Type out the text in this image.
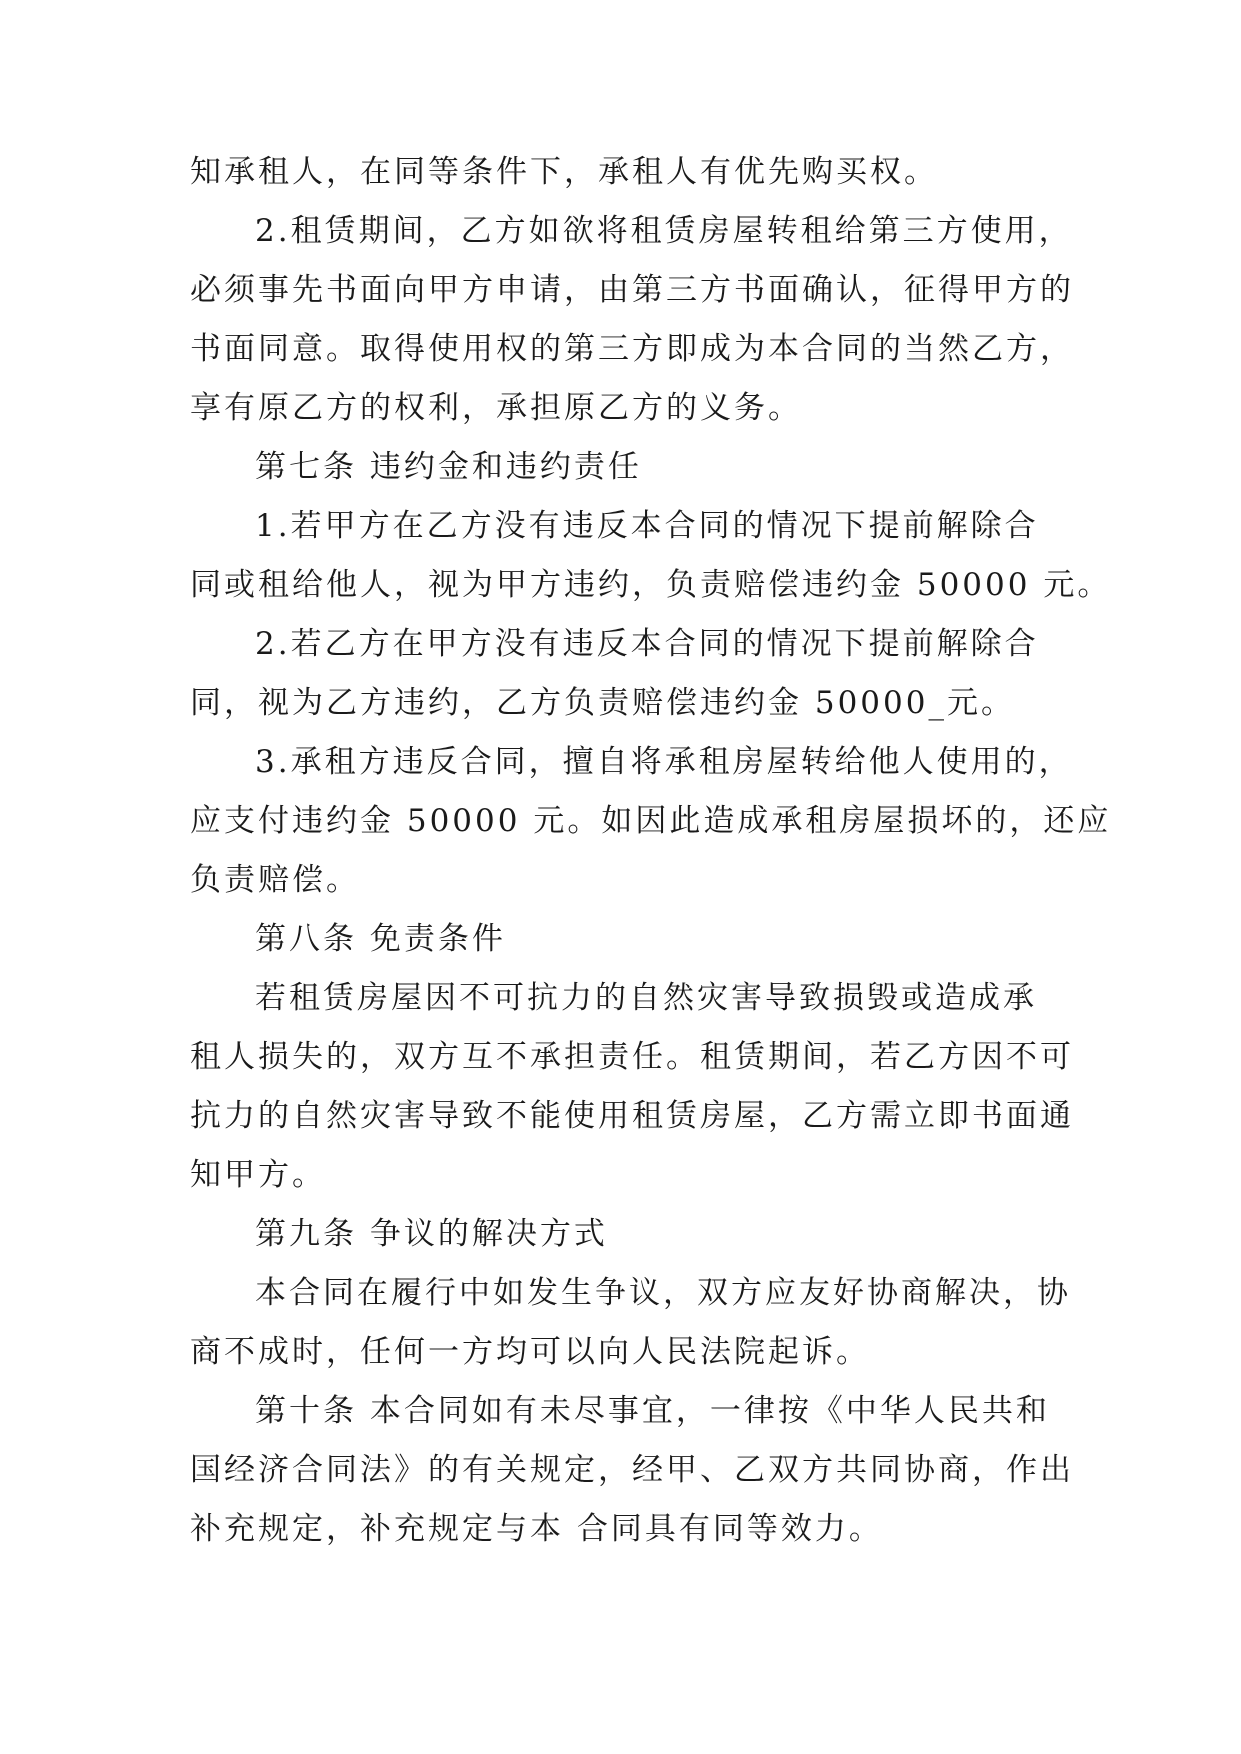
知承租人，在同等条件下，承租人有优先购买权。
2.租赁期间，乙方如欲将租赁房屋转租给第三方使用，
必须事先书面向甲方申请，由第三方书面确认，征得甲方的
书面同意。取得使用权的第三方即成为本合同的当然乙方，
享有原乙方的权利，承担原乙方的义务。
第七条 违约金和违约责任
1.若甲方在乙方没有违反本合同的情况下提前解除合
同或租给他人，视为甲方违约，负责赔偿违约金 50000 元。
2.若乙方在甲方没有违反本合同的情况下提前解除合
同，视为乙方违约，乙方负责赔偿违约金 50000_元。
3.承租方违反合同，擅自将承租房屋转给他人使用的，
应支付违约金 50000 元。如因此造成承租房屋损坏的，还应
负责赔偿。
第八条 免责条件
若租赁房屋因不可抗力的自然灾害导致损毁或造成承
租人损失的，双方互不承担责任。租赁期间，若乙方因不可
抗力的自然灾害导致不能使用租赁房屋，乙方需立即书面通
知甲方。
第九条 争议的解决方式
本合同在履行中如发生争议，双方应友好协商解决，协
商不成时，任何一方均可以向人民法院起诉。
第十条 本合同如有未尽事宜，一律按《中华人民共和
国经济合同法》的有关规定，经甲、乙双方共同协商，作出
补充规定，补充规定与本 合同具有同等效力。
